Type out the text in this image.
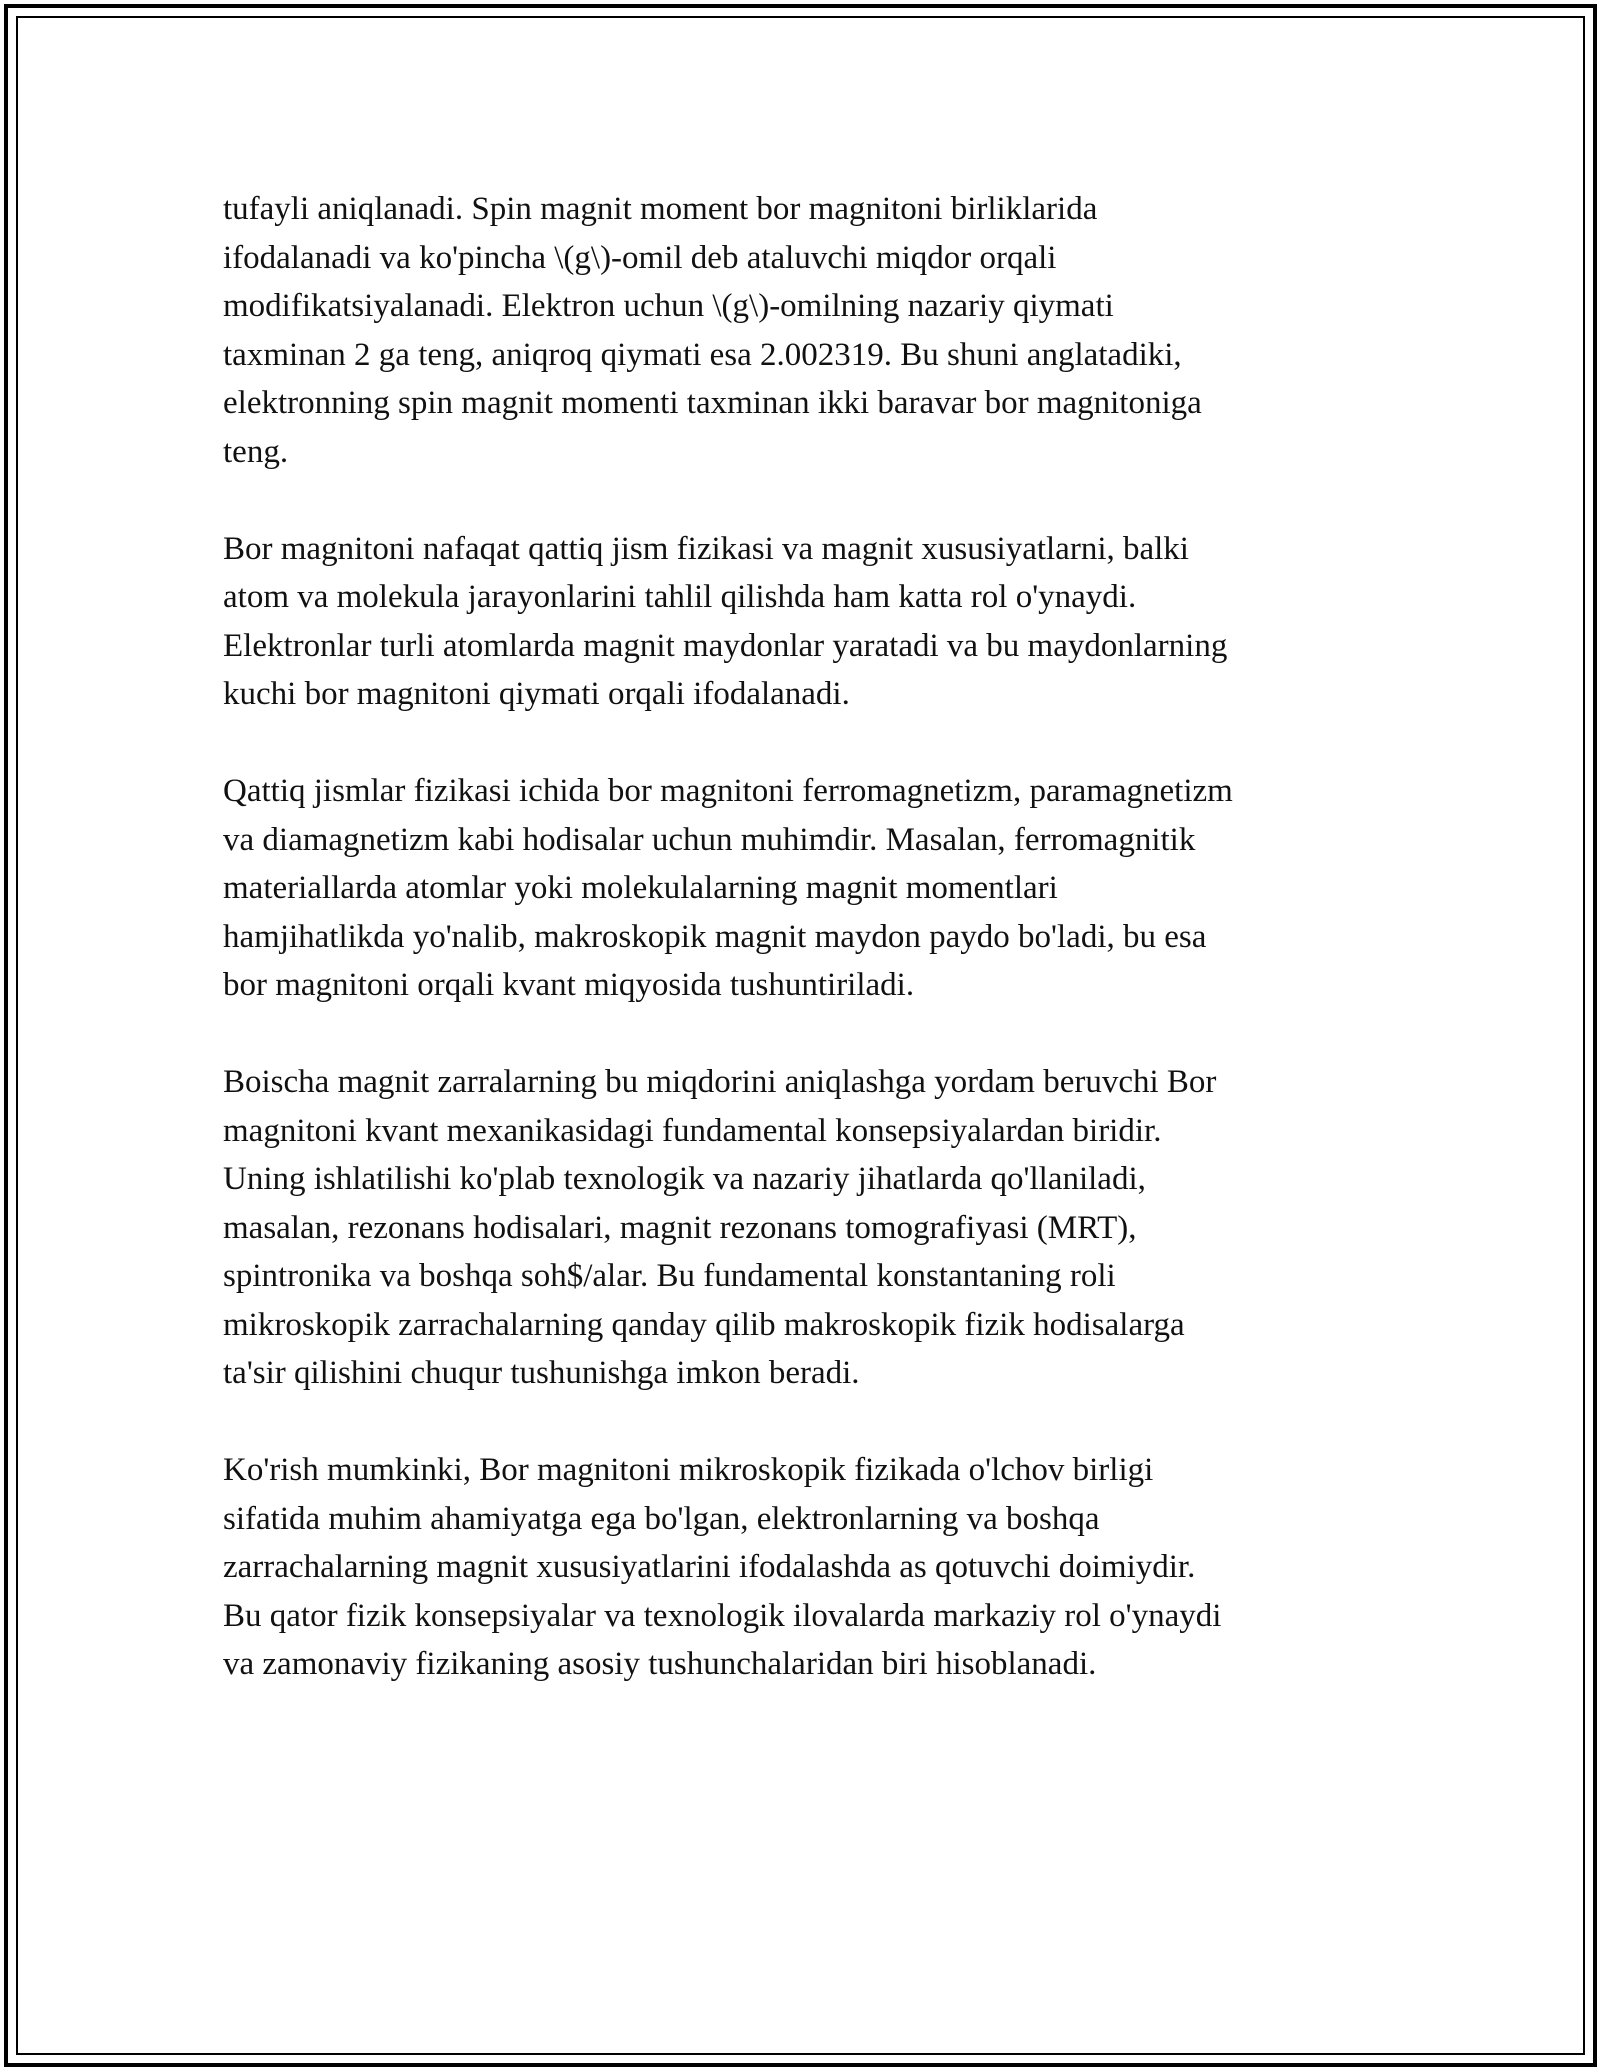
tufayli aniqlanadi. Spin magnit moment bor magnitoni birliklarida
ifodalanadi va ko'pincha \(g\)-omil deb ataluvchi miqdor orqali
modifikatsiyalanadi. Elektron uchun \(g\)-omilning nazariy qiymati
taxminan 2 ga teng, aniqroq qiymati esa 2.002319. Bu shuni anglatadiki,
elektronning spin magnit momenti taxminan ikki baravar bor magnitoniga
teng.

Bor magnitoni nafaqat qattiq jism fizikasi va magnit xususiyatlarni, balki
atom va molekula jarayonlarini tahlil qilishda ham katta rol o'ynaydi.
Elektronlar turli atomlarda magnit maydonlar yaratadi va bu maydonlarning
kuchi bor magnitoni qiymati orqali ifodalanadi.

Qattiq jismlar fizikasi ichida bor magnitoni ferromagnetizm, paramagnetizm
va diamagnetizm kabi hodisalar uchun muhimdir. Masalan, ferromagnitik
materiallarda atomlar yoki molekulalarning magnit momentlari
hamjihatlikda yo'nalib, makroskopik magnit maydon paydo bo'ladi, bu esa
bor magnitoni orqali kvant miqyosida tushuntiriladi.

Boischa magnit zarralarning bu miqdorini aniqlashga yordam beruvchi Bor
magnitoni kvant mexanikasidagi fundamental konsepsiyalardan biridir.
Uning ishlatilishi ko'plab texnologik va nazariy jihatlarda qo'llaniladi,
masalan, rezonans hodisalari, magnit rezonans tomografiyasi (MRT),
spintronika va boshqa soh$/alar. Bu fundamental konstantaning roli
mikroskopik zarrachalarning qanday qilib makroskopik fizik hodisalarga
ta'sir qilishini chuqur tushunishga imkon beradi.

Ko'rish mumkinki, Bor magnitoni mikroskopik fizikada o'lchov birligi
sifatida muhim ahamiyatga ega bo'lgan, elektronlarning va boshqa
zarrachalarning magnit xususiyatlarini ifodalashda as qotuvchi doimiydir.
Bu qator fizik konsepsiyalar va texnologik ilovalarda markaziy rol o'ynaydi
va zamonaviy fizikaning asosiy tushunchalaridan biri hisoblanadi.
